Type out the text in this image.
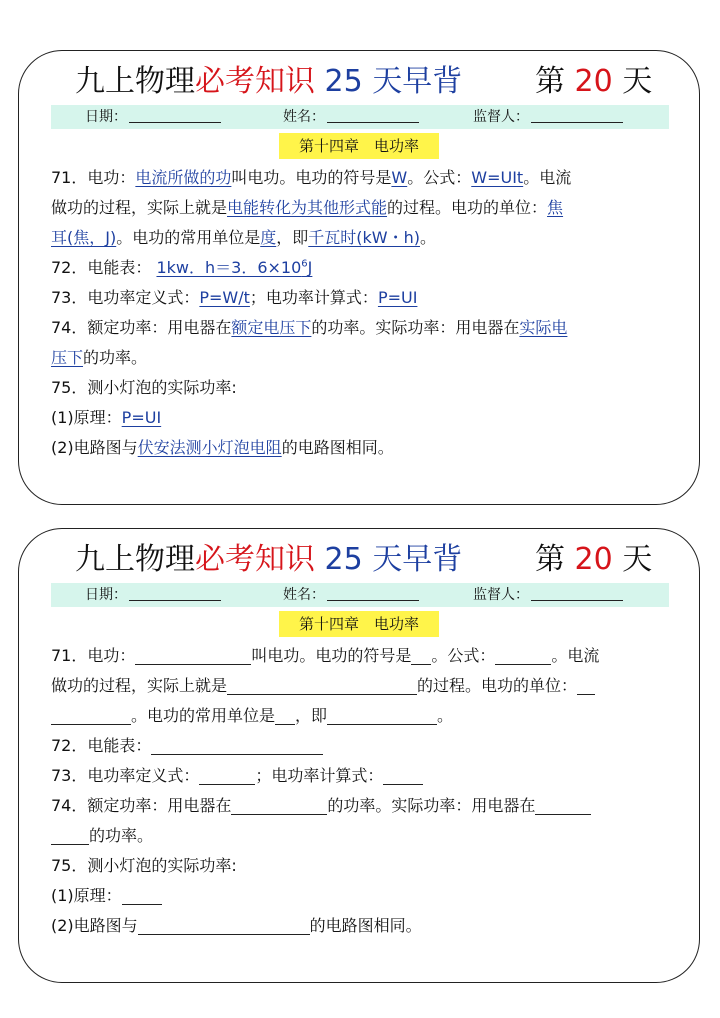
九上物理必考知识 25 天早背	第 20 天
日期：	姓名：	监督人：
第十四章　电功率
71．电功：电流所做的功叫电功。电功的符号是W。公式：W=UIt。电流
做功的过程，实际上就是电能转化为其他形式能的过程。电功的单位：焦
耳(焦，J)。电功的常用单位是度，即千瓦时(kW・h)。
72．电能表： 1kw．h＝3．$6\times 10^6J$
73．电功率定义式：P=W/t；电功率计算式：P=UI
74．额定功率：用电器在额定电压下的功率。实际功率：用电器在实际电
压下的功率。
75．测小灯泡的实际功率:
(1)原理：P=UI
(2)电路图与伏安法测小灯泡电阻的电路图相同。
九上物理必考知识 25 天早背	第 20 天
日期：	姓名：	监督人：
第十四章　电功率
71．电功：	叫电功。电功的符号是 。公式：	。电流
做功的过程，实际上就是	的过程。电功的单位：
。电功的常用单位是 ，即	。
72．电能表：
73．电功率定义式：	；电功率计算式：
74．额定功率：用电器在	的功率。实际功率：用电器在
的功率。
75．测小灯泡的实际功率:
(1)原理：
(2)电路图与	的电路图相同。
